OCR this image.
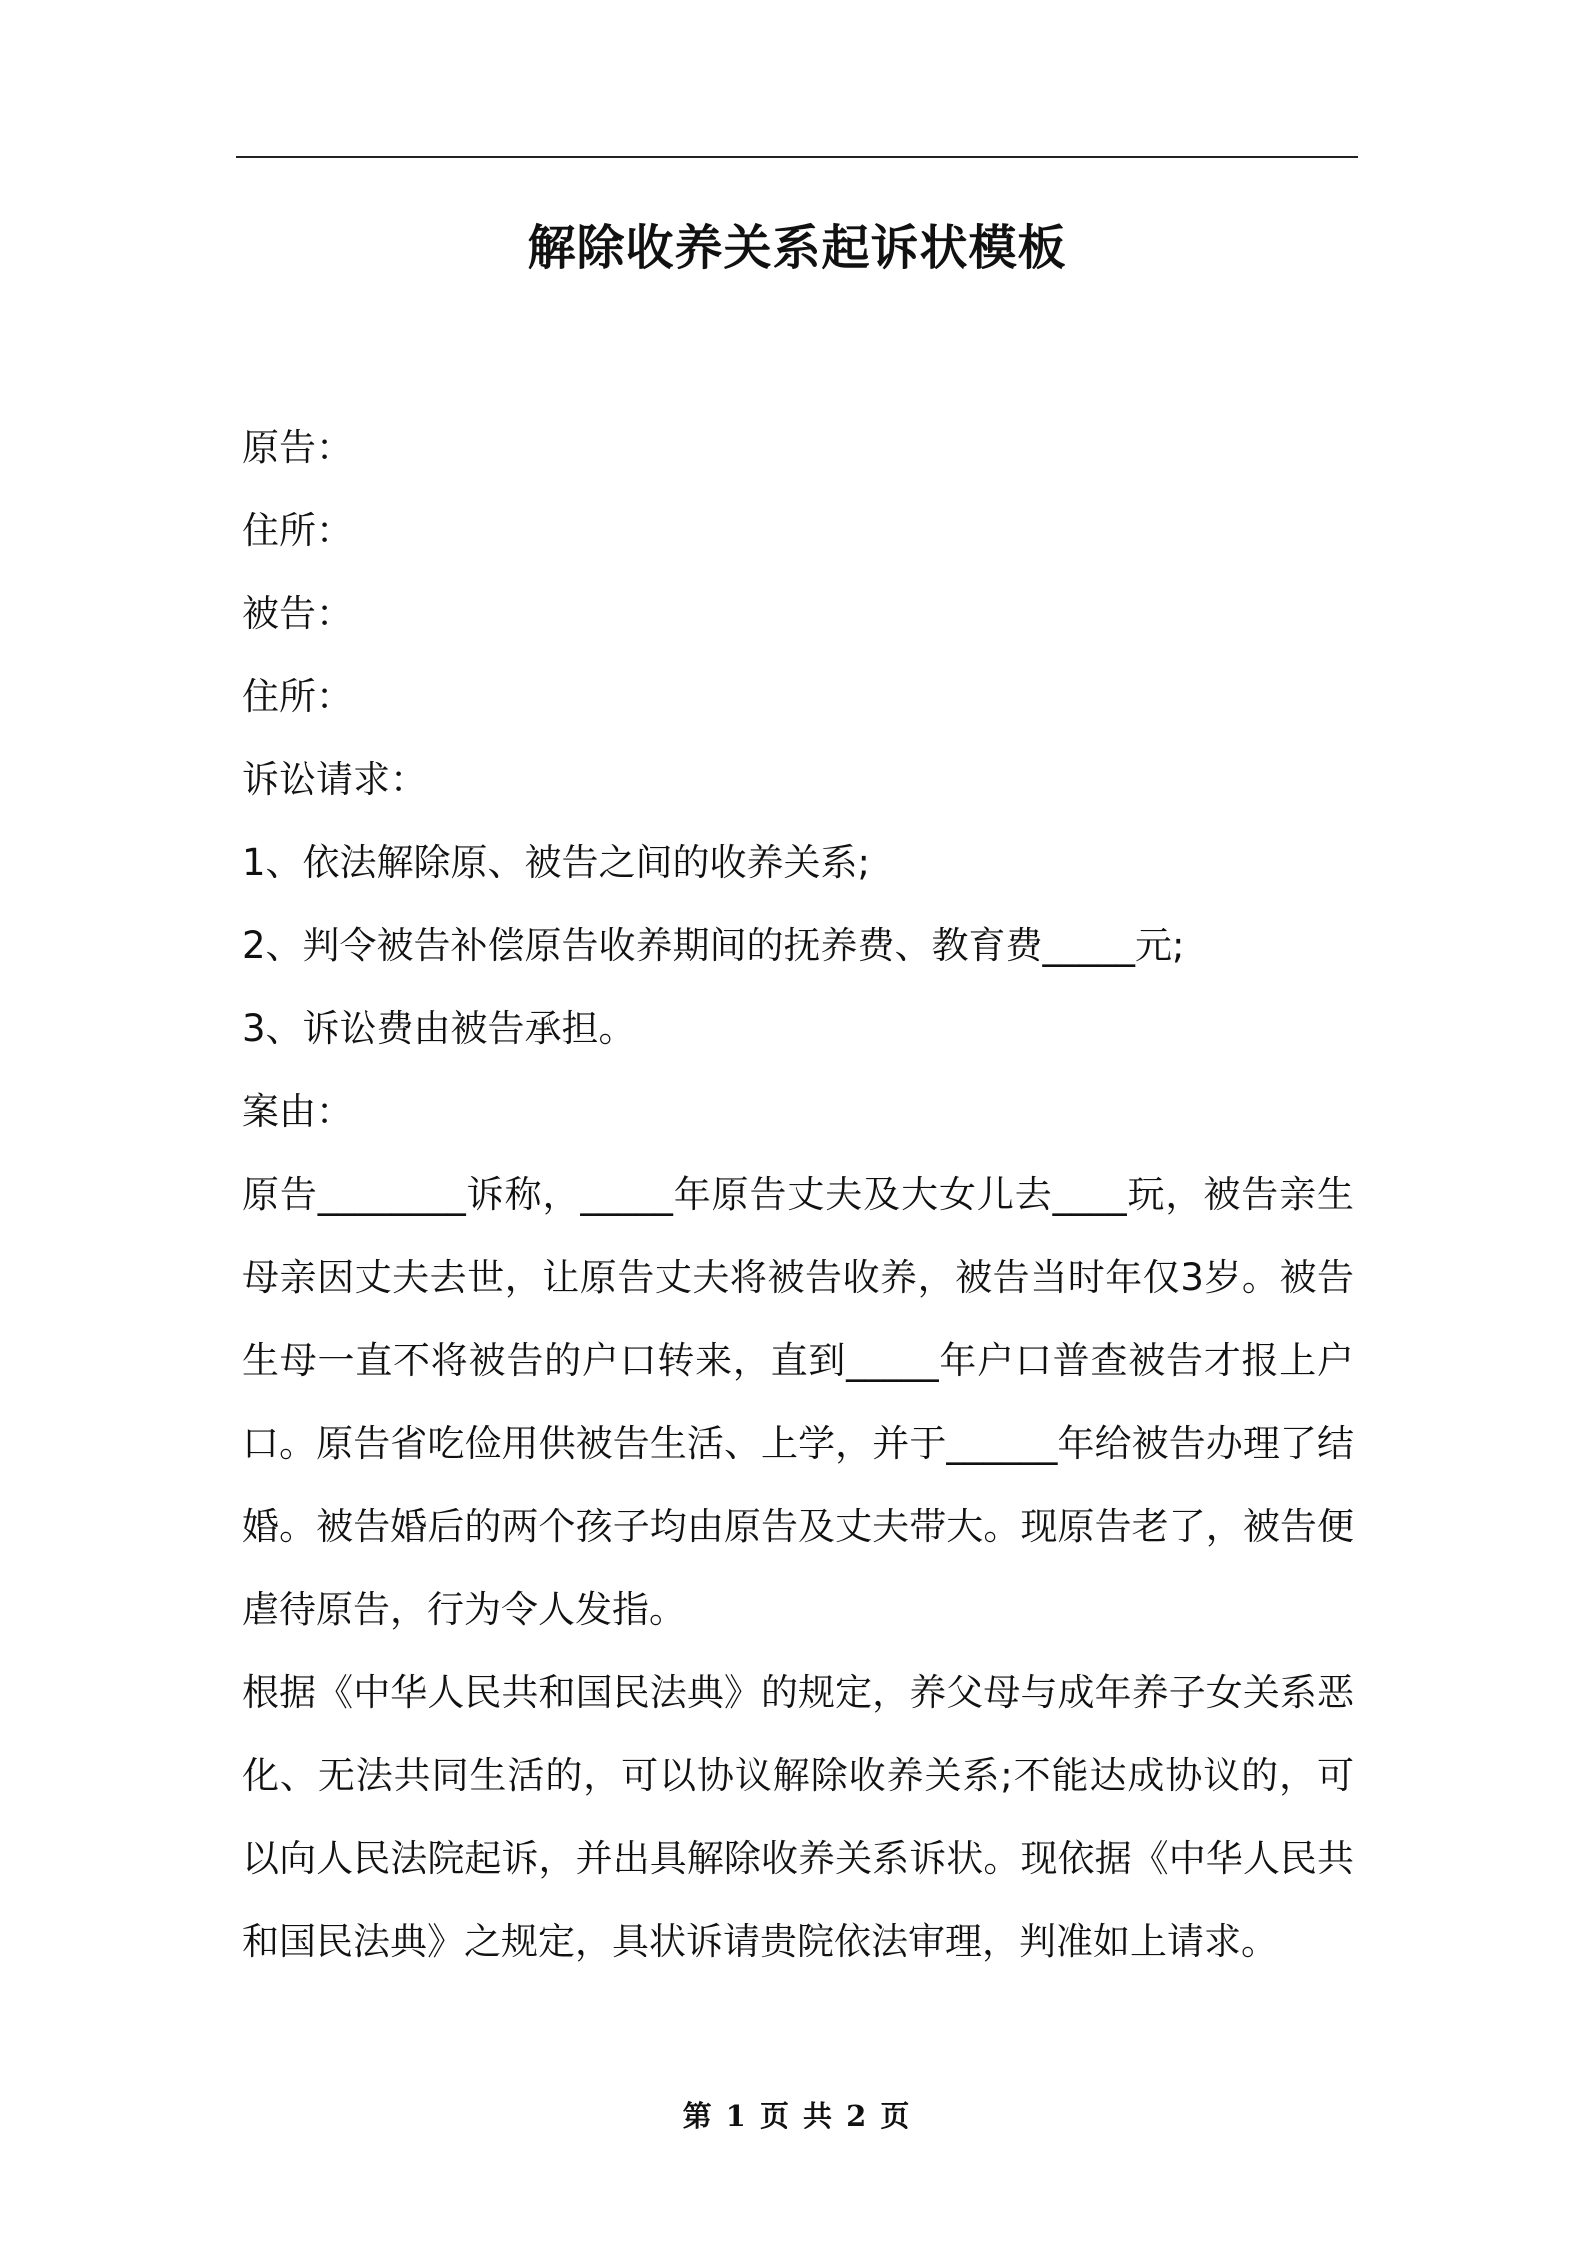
解除收养关系起诉状模板
原告：
住所：
被告：
住所：
诉讼请求：
1、依法解除原、被告之间的收养关系;
2、判令被告补偿原告收养期间的抚养费、教育费_____元;
3、诉讼费由被告承担。
案由：
原告________诉称，_____年原告丈夫及大女儿去____玩，被告亲生母亲因丈夫去世，让原告丈夫将被告收养，被告当时年仅3岁。被告生母一直不将被告的户口转来，直到_____年户口普查被告才报上户口。原告省吃俭用供被告生活、上学，并于______年给被告办理了结婚。被告婚后的两个孩子均由原告及丈夫带大。现原告老了，被告便虐待原告，行为令人发指。
根据《中华人民共和国民法典》的规定，养父母与成年养子女关系恶化、无法共同生活的，可以协议解除收养关系;不能达成协议的，可以向人民法院起诉，并出具解除收养关系诉状。现依据《中华人民共和国民法典》之规定，具状诉请贵院依法审理，判准如上请求。
第 1 页 共 2 页
